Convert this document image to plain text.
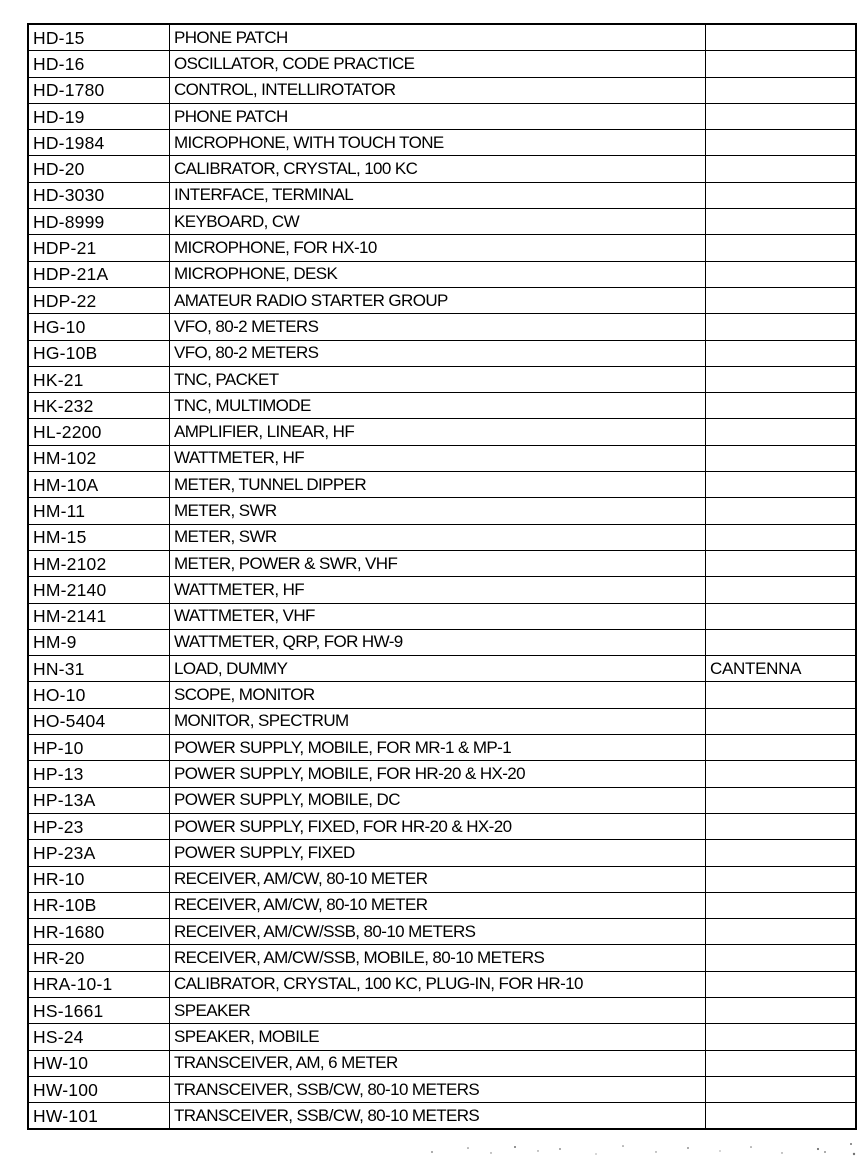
HD-15	PHONE PATCH	
HD-16	OSCILLATOR, CODE PRACTICE	
HD-1780	CONTROL, INTELLIROTATOR	
HD-19	PHONE PATCH	
HD-1984	MICROPHONE, WITH TOUCH TONE	
HD-20	CALIBRATOR, CRYSTAL, 100 KC	
HD-3030	INTERFACE, TERMINAL	
HD-8999	KEYBOARD, CW	
HDP-21	MICROPHONE, FOR HX-10	
HDP-21A	MICROPHONE, DESK	
HDP-22	AMATEUR RADIO STARTER GROUP	
HG-10	VFO, 80-2 METERS	
HG-10B	VFO, 80-2 METERS	
HK-21	TNC, PACKET	
HK-232	TNC, MULTIMODE	
HL-2200	AMPLIFIER, LINEAR, HF	
HM-102	WATTMETER, HF	
HM-10A	METER, TUNNEL DIPPER	
HM-11	METER, SWR	
HM-15	METER, SWR	
HM-2102	METER, POWER & SWR, VHF	
HM-2140	WATTMETER, HF	
HM-2141	WATTMETER, VHF	
HM-9	WATTMETER, QRP, FOR HW-9	
HN-31	LOAD, DUMMY	CANTENNA
HO-10	SCOPE, MONITOR	
HO-5404	MONITOR, SPECTRUM	
HP-10	POWER SUPPLY, MOBILE, FOR MR-1 & MP-1	
HP-13	POWER SUPPLY, MOBILE, FOR HR-20 & HX-20	
HP-13A	POWER SUPPLY, MOBILE, DC	
HP-23	POWER SUPPLY, FIXED, FOR HR-20 & HX-20	
HP-23A	POWER SUPPLY, FIXED	
HR-10	RECEIVER, AM/CW, 80-10 METER	
HR-10B	RECEIVER, AM/CW, 80-10 METER	
HR-1680	RECEIVER, AM/CW/SSB, 80-10 METERS	
HR-20	RECEIVER, AM/CW/SSB, MOBILE, 80-10 METERS	
HRA-10-1	CALIBRATOR, CRYSTAL, 100 KC, PLUG-IN, FOR HR-10	
HS-1661	SPEAKER	
HS-24	SPEAKER, MOBILE	
HW-10	TRANSCEIVER, AM, 6 METER	
HW-100	TRANSCEIVER, SSB/CW, 80-10 METERS	
HW-101	TRANSCEIVER, SSB/CW, 80-10 METERS	
